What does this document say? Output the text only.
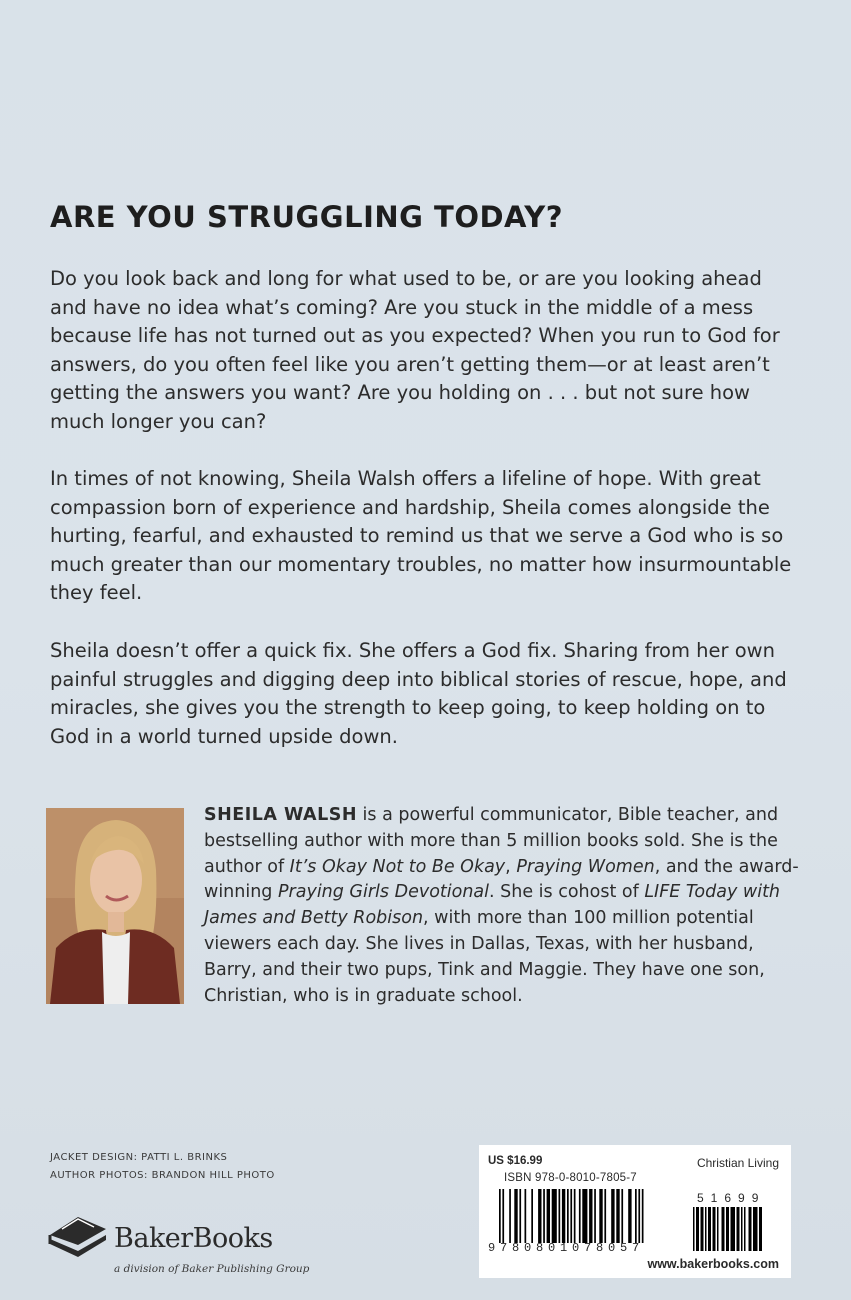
ARE YOU STRUGGLING TODAY?

Do you look back and long for what used to be, or are you looking ahead and have no idea what’s coming? Are you stuck in the middle of a mess because life has not turned out as you expected? When you run to God for answers, do you often feel like you aren’t getting them—or at least aren’t getting the answers you want? Are you holding on . . . but not sure how much longer you can?

In times of not knowing, Sheila Walsh offers a lifeline of hope. With great compassion born of experience and hardship, Sheila comes alongside the hurting, fearful, and exhausted to remind us that we serve a God who is so much greater than our momentary troubles, no matter how insurmountable they feel.

Sheila doesn’t offer a quick fix. She offers a God fix. Sharing from her own painful struggles and digging deep into biblical stories of rescue, hope, and miracles, she gives you the strength to keep going, to keep holding on to God in a world turned upside down.

SHEILA WALSH is a powerful communicator, Bible teacher, and bestselling author with more than 5 million books sold. She is the author of It’s Okay Not to Be Okay, Praying Women, and the award-winning Praying Girls Devotional. She is cohost of LIFE Today with James and Betty Robison, with more than 100 million potential viewers each day. She lives in Dallas, Texas, with her husband, Barry, and their two pups, Tink and Maggie. They have one son, Christian, who is in graduate school.

JACKET DESIGN: PATTI L. BRINKS
AUTHOR PHOTOS: BRANDON HILL PHOTO
BakerBooks
a division of Baker Publishing Group
US $16.99	Christian Living
ISBN 978-0-8010-7805-7
51699
9780801078057
www.bakerbooks.com
